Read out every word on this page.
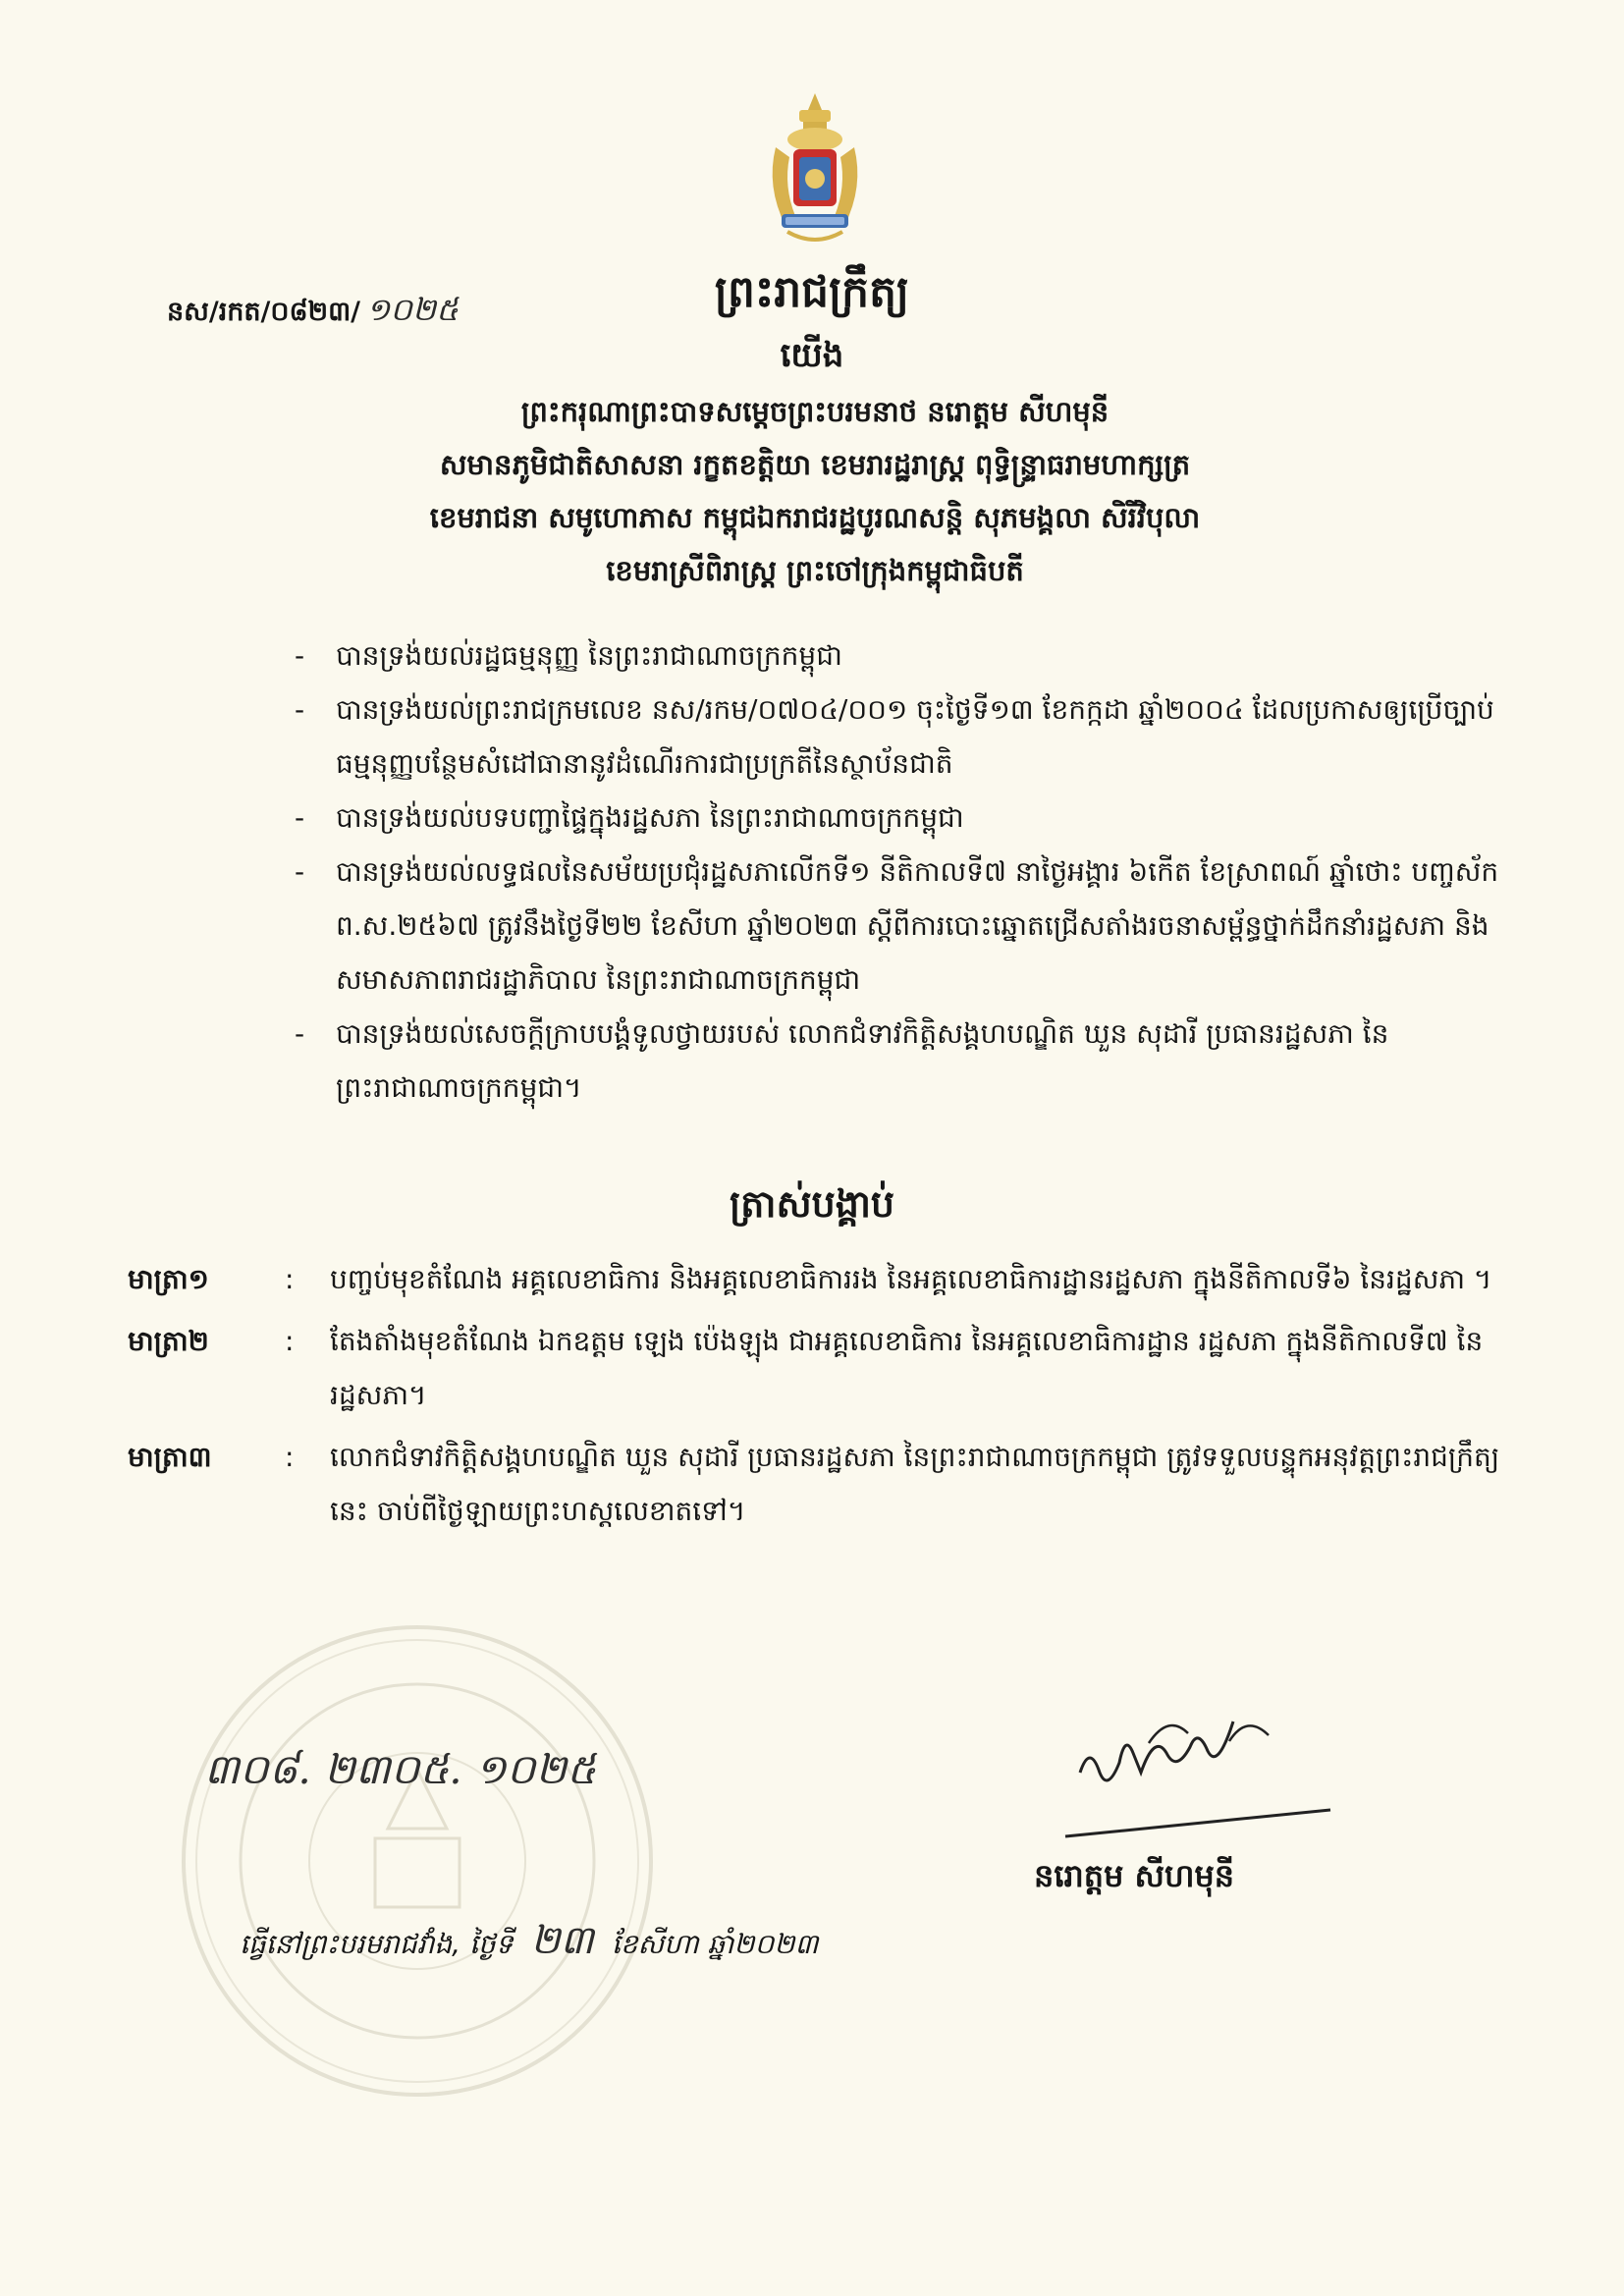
នស/រកត/០៨២៣/ ១០២៥	ព្រះរាជក្រឹត្យ
យើង
ព្រះករុណាព្រះបាទសម្តេចព្រះបរមនាថ នរោត្តម សីហមុនី
សមានភូមិជាតិសាសនា រក្ខតខត្តិយា ខេមរារដ្ឋរាស្ត្រ ពុទ្ធិន្ទ្រាធរាមហាក្សត្រ
ខេមរាជនា សមូហោភាស កម្ពុជឯករាជរដ្ឋបូរណសន្តិ សុភមង្គលា សិរីវិបុលា
ខេមរាស្រីពិរាស្ត្រ ព្រះចៅក្រុងកម្ពុជាធិបតី
- បានទ្រង់យល់រដ្ឋធម្មនុញ្ញ នៃព្រះរាជាណាចក្រកម្ពុជា
- បានទ្រង់យល់ព្រះរាជក្រមលេខ នស/រកម/០៧០៤/០០១ ចុះថ្ងៃទី១៣ ខែកក្កដា ឆ្នាំ២០០៤ ដែលប្រកាសឲ្យប្រើច្បាប់ធម្មនុញ្ញបន្ថែមសំដៅធានានូវដំណើរការជាប្រក្រតីនៃស្ថាប័នជាតិ
- បានទ្រង់យល់បទបញ្ជាផ្ទៃក្នុងរដ្ឋសភា នៃព្រះរាជាណាចក្រកម្ពុជា
- បានទ្រង់យល់លទ្ធផលនៃសម័យប្រជុំរដ្ឋសភាលើកទី១ នីតិកាលទី៧ នាថ្ងៃអង្គារ ៦កើត ខែស្រាពណ៍ ឆ្នាំថោះ បញ្ចស័ក ព.ស.២៥៦៧ ត្រូវនឹងថ្ងៃទី២២ ខែសីហា ឆ្នាំ២០២៣ ស្តីពីការបោះឆ្នោតជ្រើសតាំងរចនាសម្ព័ន្ធថ្នាក់ដឹកនាំរដ្ឋសភា និងសមាសភាពរាជរដ្ឋាភិបាល នៃព្រះរាជាណាចក្រកម្ពុជា
- បានទ្រង់យល់សេចក្តីក្រាបបង្គំទូលថ្វាយរបស់ លោកជំទាវកិត្តិសង្គហបណ្ឌិត ឃួន សុដារី ប្រធានរដ្ឋសភា នៃព្រះរាជាណាចក្រកម្ពុជា។
ត្រាស់បង្គាប់
មាត្រា១	:	បញ្ចប់មុខតំណែង អគ្គលេខាធិការ និងអគ្គលេខាធិការរង នៃអគ្គលេខាធិការដ្ឋានរដ្ឋសភា ក្នុងនីតិកាលទី៦ នៃរដ្ឋសភា ។
មាត្រា២	:	តែងតាំងមុខតំណែង ឯកឧត្តម ឡេង ប៉េងឡុង ជាអគ្គលេខាធិការ នៃអគ្គលេខាធិការដ្ឋាន រដ្ឋសភា ក្នុងនីតិកាលទី៧ នៃរដ្ឋសភា។
មាត្រា៣	:	លោកជំទាវកិត្តិសង្គហបណ្ឌិត ឃួន សុដារី ប្រធានរដ្ឋសភា នៃព្រះរាជាណាចក្រកម្ពុជា ត្រូវទទួលបន្ទុកអនុវត្តព្រះរាជក្រឹត្យនេះ ចាប់ពីថ្ងៃឡាយព្រះហស្តលេខាតទៅ។
៣០៨. ២៣០៥. ១០២៥
នរោត្តម សីហមុនី
ធ្វើនៅព្រះបរមរាជវាំង, ថ្ងៃទី ២៣ ខែសីហា ឆ្នាំ២០២៣
